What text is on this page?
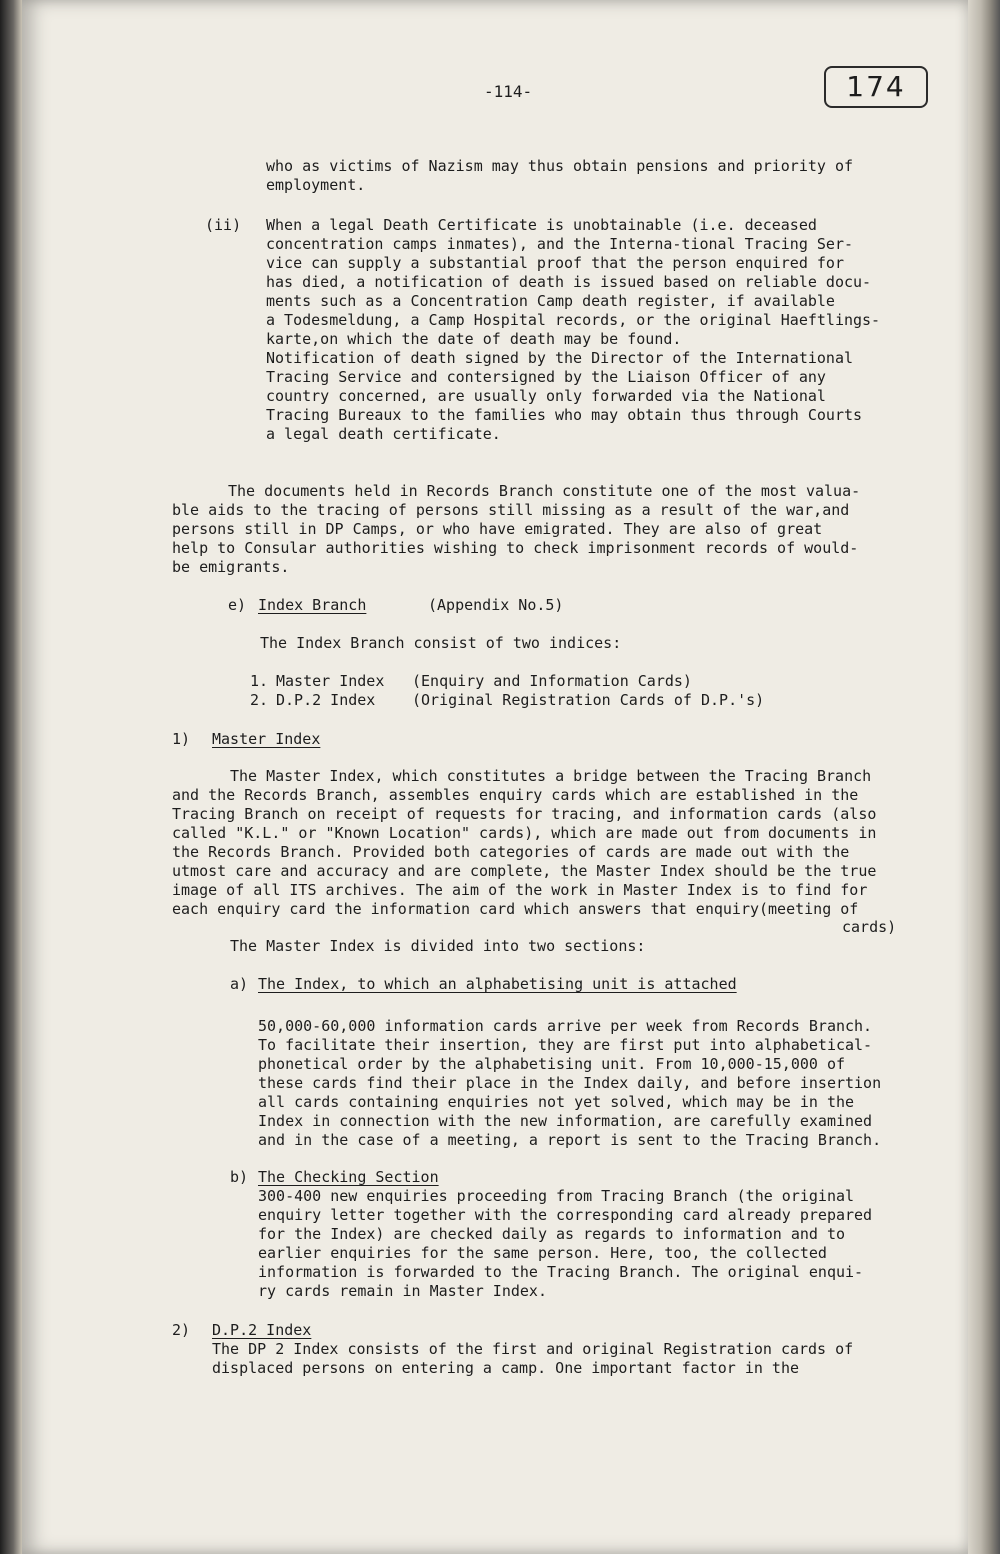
-114-	174

who as victims of Nazism may thus obtain pensions and priority of

employment.

(ii) When a legal Death Certificate is unobtainable (i.e. deceased

concentration camps inmates), and the Interna-tional Tracing Ser-

vice can supply a substantial proof that the person enquired for

has died, a notification of death is issued based on reliable docu-

ments such as a Concentration Camp death register, if available

a Todesmeldung, a Camp Hospital records, or the original Haeftlings-

karte,on which the date of death may be found.

Notification of death signed by the Director of the International

Tracing Service and contersigned by the Liaison Officer of any

country concerned, are usually only forwarded via the National

Tracing Bureaux to the families who may obtain thus through Courts

a legal death certificate.

The documents held in Records Branch constitute one of the most valua-

ble aids to the tracing of persons still missing as a result of the war,and

persons still in DP Camps, or who have emigrated. They are also of great

help to Consular authorities wishing to check imprisonment records of would-

be emigrants.

e) Index Branch	(Appendix No.5)

The Index Branch consist of two indices:

1. Master Index (Enquiry and Information Cards)

2. D.P.2 Index (Original Registration Cards of D.P.'s)

1) Master Index

The Master Index, which constitutes a bridge between the Tracing Branch

and the Records Branch, assembles enquiry cards which are established in the

Tracing Branch on receipt of requests for tracing, and information cards (also

called "K.L." or "Known Location" cards), which are made out from documents in

the Records Branch. Provided both categories of cards are made out with the

utmost care and accuracy and are complete, the Master Index should be the true

image of all ITS archives. The aim of the work in Master Index is to find for

each enquiry card the information card which answers that enquiry(meeting of

cards)

The Master Index is divided into two sections:

a) The Index, to which an alphabetising unit is attached

50,000-60,000 information cards arrive per week from Records Branch.

To facilitate their insertion, they are first put into alphabetical-

phonetical order by the alphabetising unit. From 10,000-15,000 of

these cards find their place in the Index daily, and before insertion

all cards containing enquiries not yet solved, which may be in the

Index in connection with the new information, are carefully examined

and in the case of a meeting, a report is sent to the Tracing Branch.

b) The Checking Section

300-400 new enquiries proceeding from Tracing Branch (the original

enquiry letter together with the corresponding card already prepared

for the Index) are checked daily as regards to information and to

earlier enquiries for the same person. Here, too, the collected

information is forwarded to the Tracing Branch. The original enqui-

ry cards remain in Master Index.

2) D.P.2 Index

The DP 2 Index consists of the first and original Registration cards of

displaced persons on entering a camp. One important factor in the
